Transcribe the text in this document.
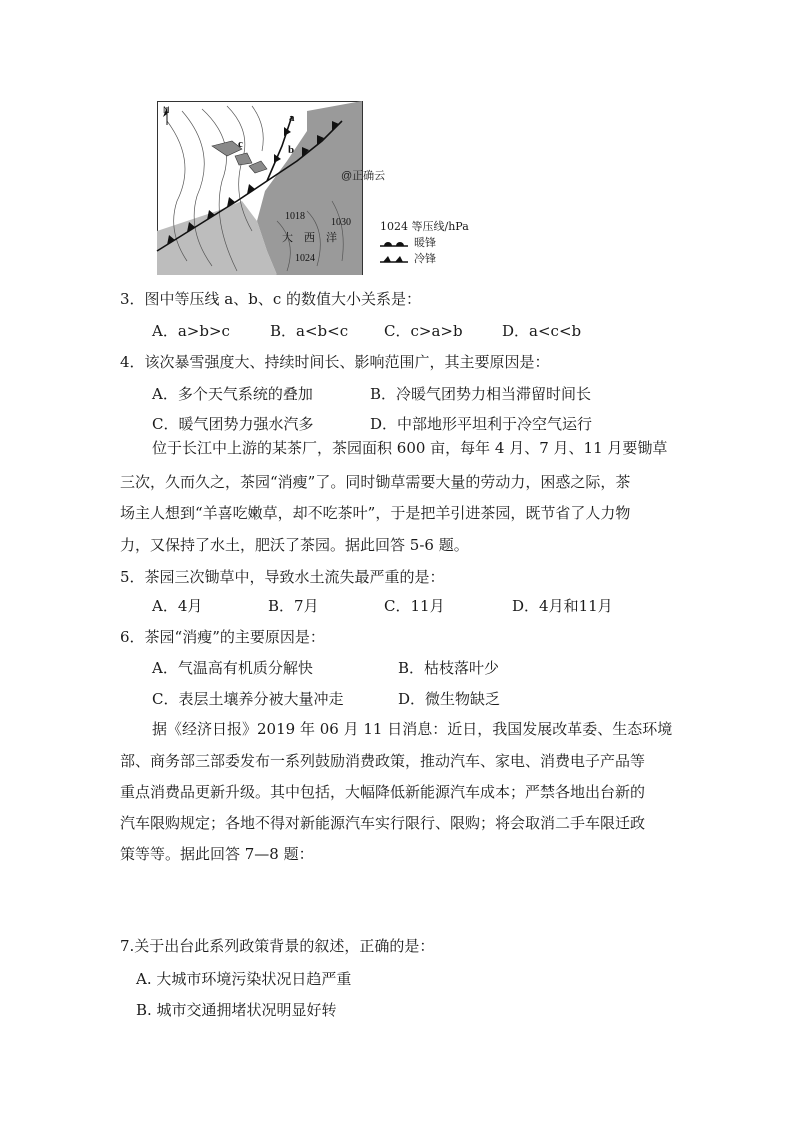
N
a
b
c
@正确云
1018
1030
大　西　洋
1024
1024 等压线/hPa
暖锋
冷锋
3．图中等压线 a、b、c 的数值大小关系是：
A．a>b>c	B．a<b<c C．c>a>b	D．a<c<b
4．该次暴雪强度大、持续时间长、影响范围广，其主要原因是：
A．多个天气系统的叠加	B．冷暖气团势力相当滞留时间长
C．暖气团势力强水汽多	D．中部地形平坦利于冷空气运行
位于长江中上游的某茶厂，茶园面积 600 亩，每年 4 月、7 月、11 月要锄草
三次，久而久之，茶园“消瘦”了。同时锄草需要大量的劳动力，困惑之际，茶
场主人想到“羊喜吃嫩草，却不吃茶叶”，于是把羊引进茶园，既节省了人力物
力，又保持了水土，肥沃了茶园。据此回答 5-6 题。
5．茶园三次锄草中，导致水土流失最严重的是：
A．4月	B．7月	C．11月	D．4月和11月
6．茶园“消瘦”的主要原因是：
A．气温高有机质分解快	B．枯枝落叶少
C．表层土壤养分被大量冲走	D．微生物缺乏
据《经济日报》2019 年 06 月 11 日消息：近日，我国发展改革委、生态环境
部、商务部三部委发布一系列鼓励消费政策，推动汽车、家电、消费电子产品等
重点消费品更新升级。其中包括，大幅降低新能源汽车成本；严禁各地出台新的
汽车限购规定；各地不得对新能源汽车实行限行、限购；将会取消二手车限迁政
策等等。据此回答 7—8 题：
7.关于出台此系列政策背景的叙述，正确的是：
A. 大城市环境污染状况日趋严重
B. 城市交通拥堵状况明显好转
